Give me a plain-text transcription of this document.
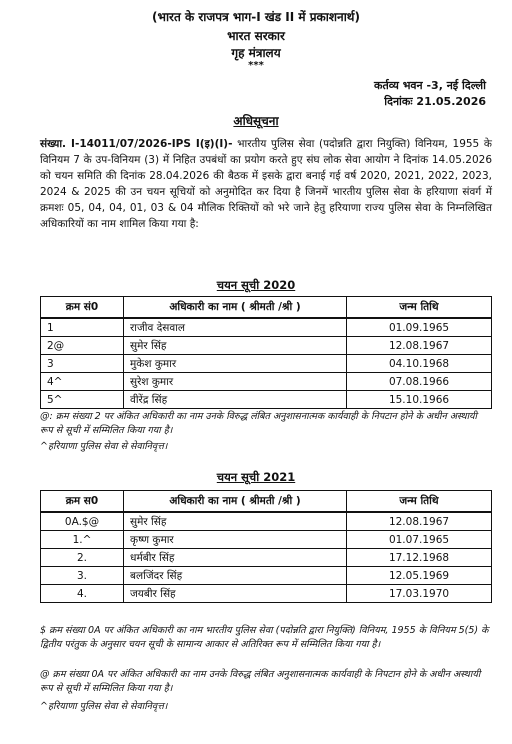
(भारत के राजपत्र भाग-I खंड II में प्रकाशनार्थ)
भारत सरकार
गृह मंत्रालय
***
कर्तव्य भवन -3, नई दिल्ली
दिनांकः 21.05.2026
अधिसूचना
संख्या. I-14011/07/2026-IPS I(इ)(I)- भारतीय पुलिस सेवा (पदोन्नति द्वारा नियुक्ति) विनियम, 1955 के विनियम 7 के उप-विनियम (3) में निहित उपबंधों का प्रयोग करते हुए संघ लोक सेवा आयोग ने दिनांक 14.05.2026 को चयन समिति की दिनांक 28.04.2026 की बैठक में इसके द्वारा बनाई गई वर्ष 2020, 2021, 2022, 2023, 2024 & 2025 की उन चयन सूचियों को अनुमोदित कर दिया है जिनमें भारतीय पुलिस सेवा के हरियाणा संवर्ग में क्रमशः 05, 04, 04, 01, 03 & 04 मौलिक रिक्तियों को भरे जाने हेतु हरियाणा राज्य पुलिस सेवा के निम्नलिखित अधिकारियों का नाम शामिल किया गया है:
चयन सूची 2020
क्रम सं0	अधिकारी का नाम ( श्रीमती /श्री )	जन्म तिथि
1	राजीव देसवाल	01.09.1965
2@	सुमेर सिंह	12.08.1967
3	मुकेश कुमार	04.10.1968
4^	सुरेश कुमार	07.08.1966
5^	वीरेंद्र सिंह	15.10.1966
@: क्रम संख्या 2 पर अंकित अधिकारी का नाम उनके विरुद्ध लंबित अनुशासनात्मक कार्यवाही के निपटान होने के अधीन अस्थायी रूप से सूची में सम्मिलित किया गया है।
^हरियाणा पुलिस सेवा से सेवानिवृत्त।
चयन सूची 2021
क्रम स0	अधिकारी का नाम ( श्रीमती /श्री )	जन्म तिथि
0A.$@	सुमेर सिंह	12.08.1967
1.^	कृष्ण कुमार	01.07.1965
2.	धर्मबीर सिंह	17.12.1968
3.	बलजिंदर सिंह	12.05.1969
4.	जयबीर सिंह	17.03.1970
$ क्रम संख्या 0A पर अंकित अधिकारी का नाम भारतीय पुलिस सेवा (पदोन्नति द्वारा नियुक्ति) विनियम, 1955 के विनियम 5(5) के द्वितीय परंतुक के अनुसार चयन सूची के सामान्य आकार से अतिरिक्त रूप में सम्मिलित किया गया है।
@ क्रम संख्या 0A पर अंकित अधिकारी का नाम उनके विरुद्ध लंबित अनुशासनात्मक कार्यवाही के निपटान होने के अधीन अस्थायी रूप से सूची में सम्मिलित किया गया है।
^हरियाणा पुलिस सेवा से सेवानिवृत्त।
